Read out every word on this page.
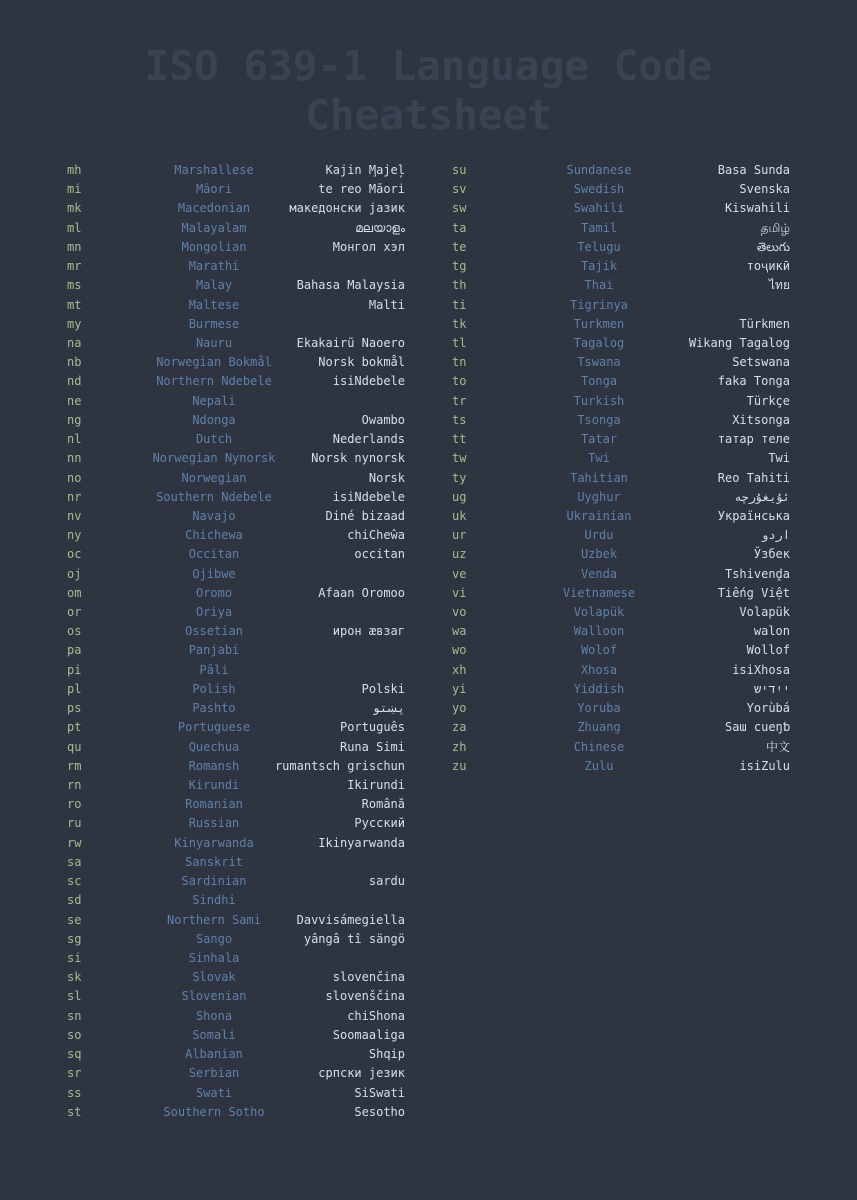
ISO 639-1 Language Code
Cheatsheet
mh	Marshallese	Kajin M̧ajeļ
mi	Māori	te reo Māori
mk	Macedonian	македонски јазик
ml	Malayalam	മലയാളം
mn	Mongolian	Монгол хэл
mr	Marathi
ms	Malay	Bahasa Malaysia
mt	Maltese	Malti
my	Burmese
na	Nauru	Ekakairũ Naoero
nb	Norwegian Bokmål	Norsk bokmål
nd	Northern Ndebele	isiNdebele
ne	Nepali
ng	Ndonga	Owambo
nl	Dutch	Nederlands
nn	Norwegian Nynorsk	Norsk nynorsk
no	Norwegian	Norsk
nr	Southern Ndebele	isiNdebele
nv	Navajo	Diné bizaad
ny	Chichewa	chiCheŵa
oc	Occitan	occitan
oj	Ojibwe
om	Oromo	Afaan Oromoo
or	Oriya
os	Ossetian	ирон æвзаг
pa	Panjabi
pi	Pāli
pl	Polish	Polski
ps	Pashto	پښتو
pt	Portuguese	Português
qu	Quechua	Runa Simi
rm	Romansh	rumantsch grischun
rn	Kirundi	Ikirundi
ro	Romanian	Română
ru	Russian	Русский
rw	Kinyarwanda	Ikinyarwanda
sa	Sanskrit
sc	Sardinian	sardu
sd	Sindhi
se	Northern Sami	Davvisámegiella
sg	Sango	yângâ tî sängö
si	Sinhala
sk	Slovak	slovenčina
sl	Slovenian	slovenščina
sn	Shona	chiShona
so	Somali	Soomaaliga
sq	Albanian	Shqip
sr	Serbian	српски језик
ss	Swati	SiSwati
st	Southern Sotho	Sesotho
su	Sundanese	Basa Sunda
sv	Swedish	Svenska
sw	Swahili	Kiswahili
ta	Tamil	தமிழ்
te	Telugu	తెలుగు
tg	Tajik	тоҷикӣ
th	Thai	ไทย
ti	Tigrinya
tk	Turkmen	Türkmen
tl	Tagalog	Wikang Tagalog
tn	Tswana	Setswana
to	Tonga	faka Tonga
tr	Turkish	Türkçe
ts	Tsonga	Xitsonga
tt	Tatar	татар теле
tw	Twi	Twi
ty	Tahitian	Reo Tahiti
ug	Uyghur	ئۇيغۇرچە
uk	Ukrainian	Українська
ur	Urdu	اردو
uz	Uzbek	Ўзбек
ve	Venda	Tshivenḓa
vi	Vietnamese	Tiếng Việt
vo	Volapük	Volapük
wa	Walloon	walon
wo	Wolof	Wollof
xh	Xhosa	isiXhosa
yi	Yiddish	ייִדיש
yo	Yoruba	Yorùbá
za	Zhuang	Saɯ cueŋƅ
zh	Chinese	中文
zu	Zulu	isiZulu
